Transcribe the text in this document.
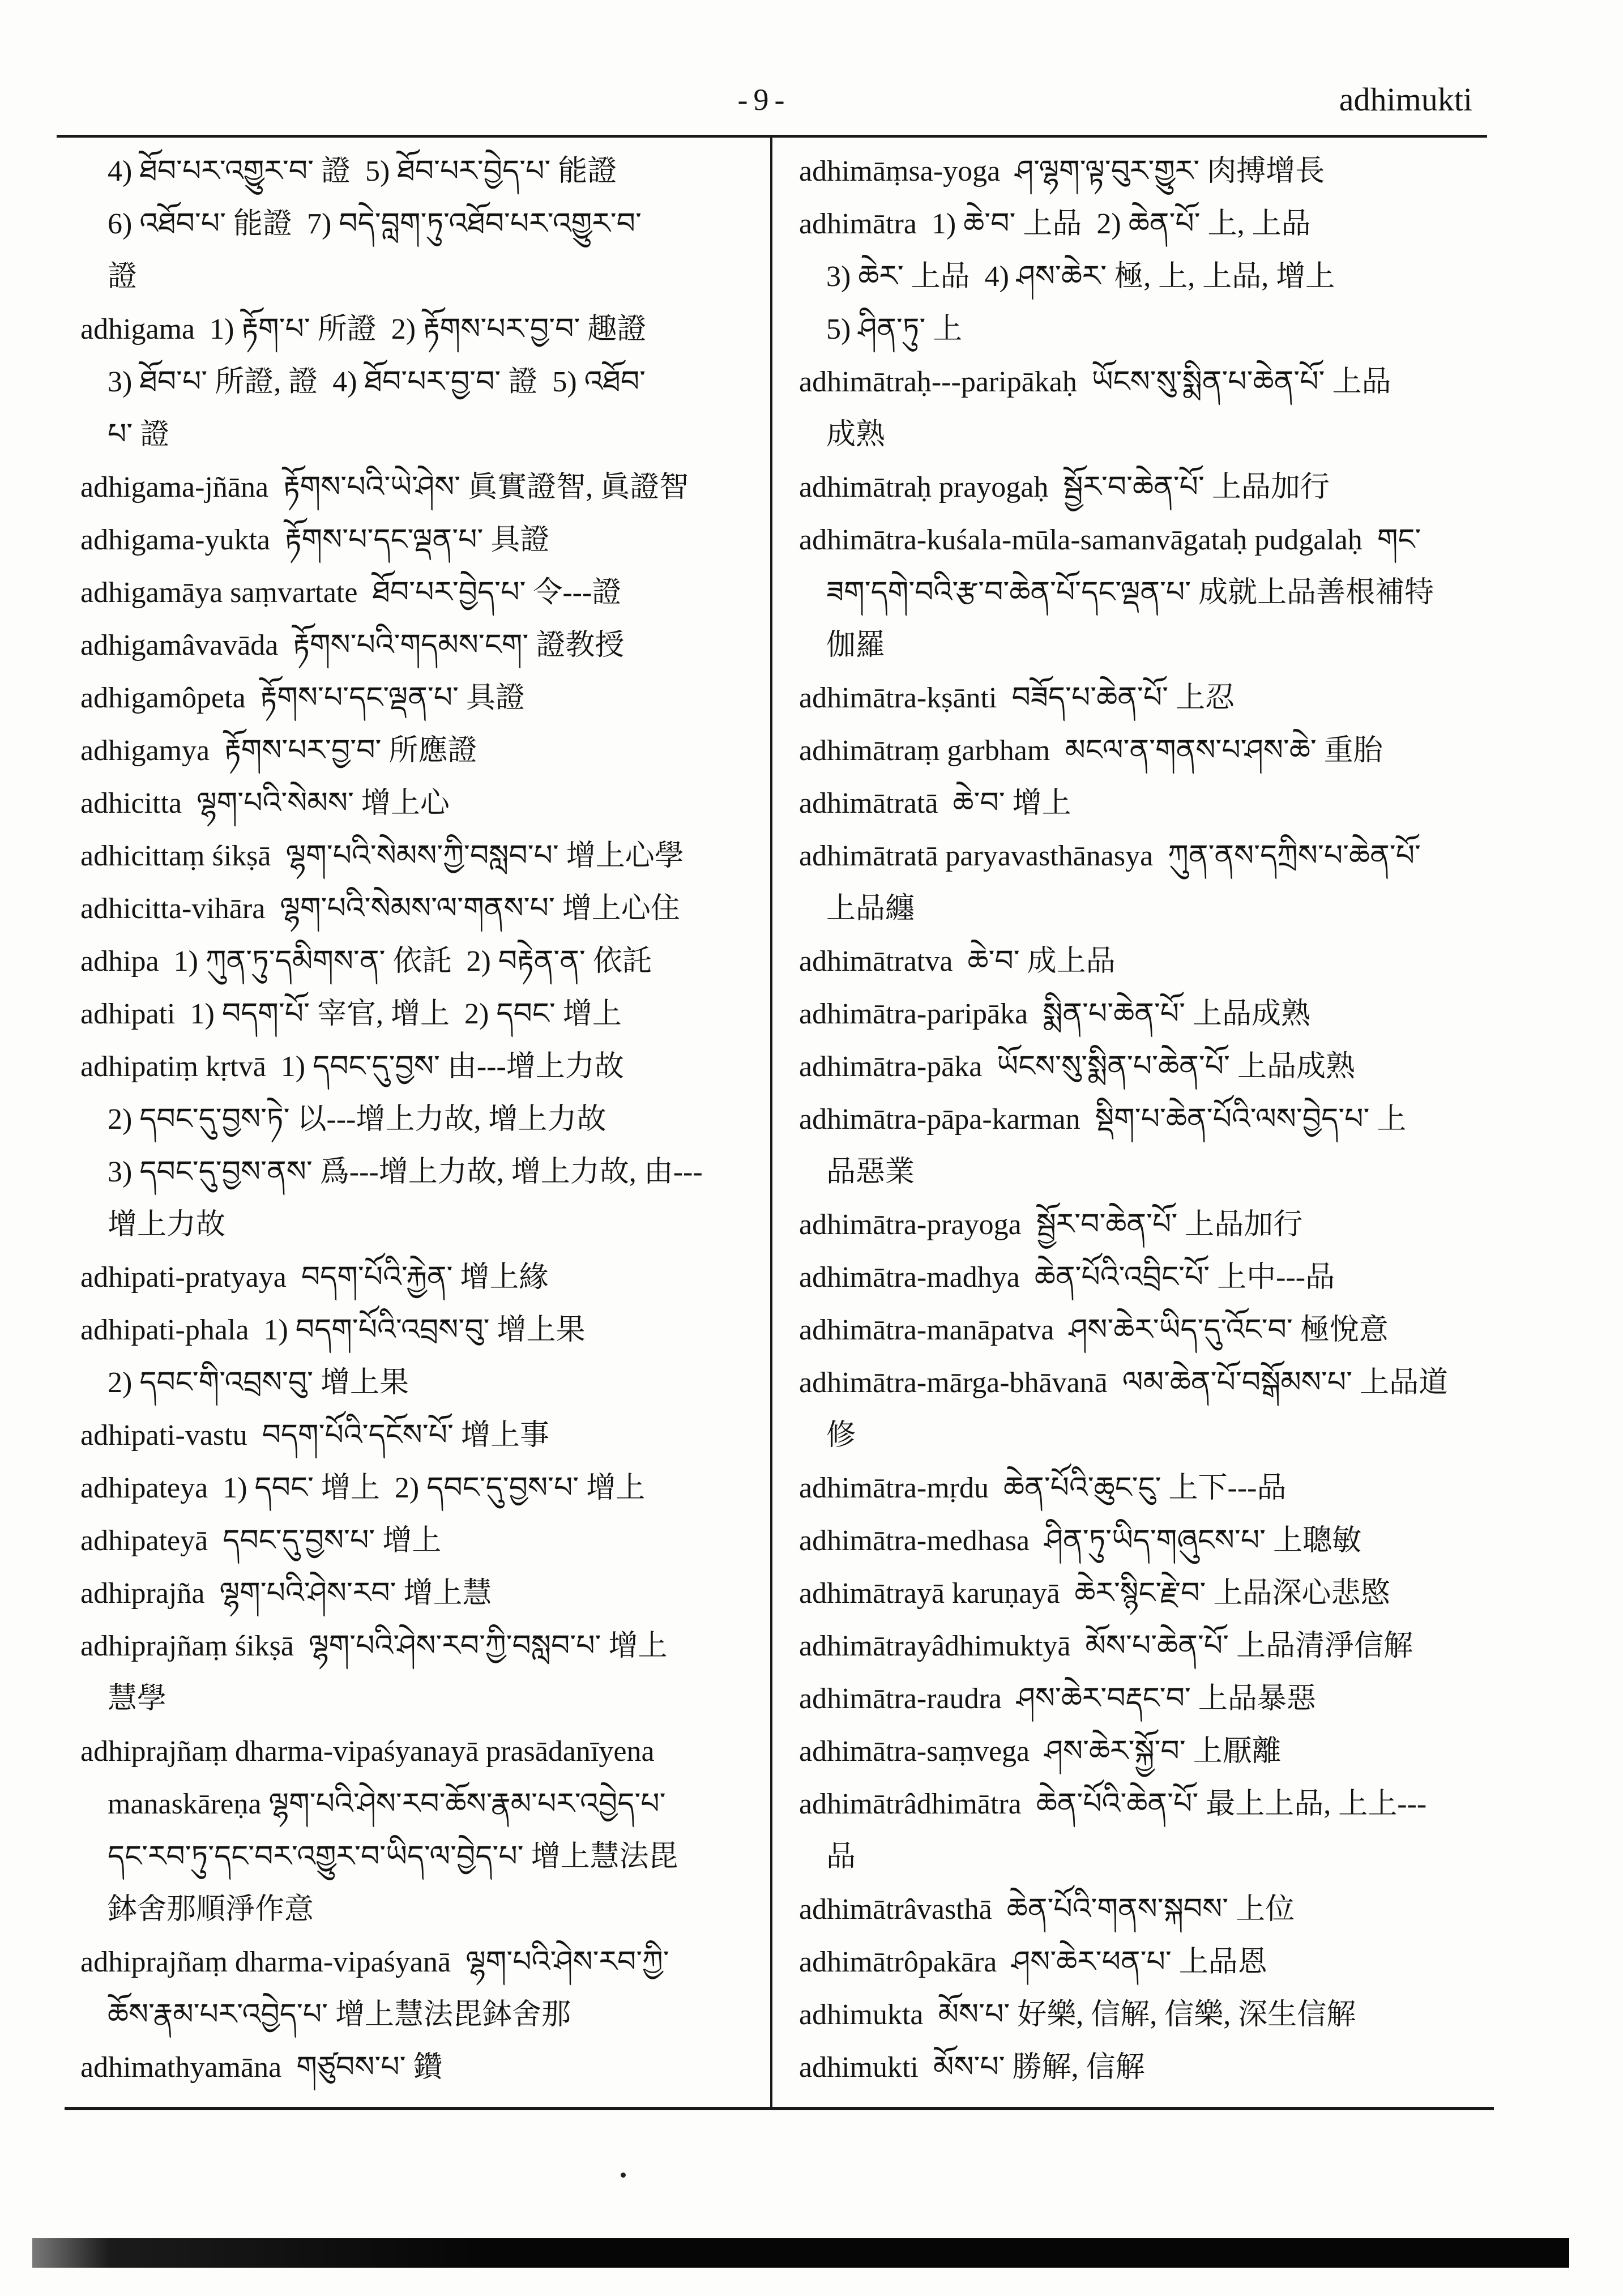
-9-	adhimukti
4) ཐོབ་པར་འགྱུར་བ་ 證  5) ཐོབ་པར་བྱེད་པ་ 能證
6) འཐོབ་པ་ 能證  7) བདེ་བླག་ཏུ་འཐོབ་པར་འགྱུར་བ་
證
adhigama 1) རྟོག་པ་ 所證  2) རྟོགས་པར་བྱ་བ་ 趣證
3) ཐོབ་པ་ 所證, 證  4) ཐོབ་པར་བྱ་བ་ 證  5) འཐོབ་
པ་ 證
adhigama-jñāna རྟོགས་པའི་ཡེ་ཤེས་ 眞實證智, 眞證智
adhigama-yukta རྟོགས་པ་དང་ལྡན་པ་ 具證
adhigamāya saṃvartate ཐོབ་པར་བྱེད་པ་ 令---證
adhigamâvavāda རྟོགས་པའི་གདམས་ངག་ 證教授
adhigamôpeta རྟོགས་པ་དང་ལྡན་པ་ 具證
adhigamya རྟོགས་པར་བྱ་བ་ 所應證
adhicitta ལྷག་པའི་སེམས་ 增上心
adhicittaṃ śikṣā ལྷག་པའི་སེམས་ཀྱི་བསླབ་པ་ 增上心學
adhicitta-vihāra ལྷག་པའི་སེམས་ལ་གནས་པ་ 增上心住
adhipa 1) ཀུན་ཏུ་དམིགས་ན་ 依託  2) བརྟེན་ན་ 依託
adhipati 1) བདག་པོ་ 宰官, 增上  2) དབང་ 增上
adhipatiṃ kṛtvā 1) དབང་དུ་བྱས་ 由---增上力故
2) དབང་དུ་བྱས་ཏེ་ 以---增上力故, 增上力故
3) དབང་དུ་བྱས་ནས་ 爲---增上力故, 增上力故, 由---
增上力故
adhipati-pratyaya བདག་པོའི་རྐྱེན་ 增上緣
adhipati-phala 1) བདག་པོའི་འབྲས་བུ་ 增上果
2) དབང་གི་འབྲས་བུ་ 增上果
adhipati-vastu བདག་པོའི་དངོས་པོ་ 增上事
adhipateya 1) དབང་ 增上  2) དབང་དུ་བྱས་པ་ 增上
adhipateyā དབང་དུ་བྱས་པ་ 增上
adhiprajña ལྷག་པའི་ཤེས་རབ་ 增上慧
adhiprajñaṃ śikṣā ལྷག་པའི་ཤེས་རབ་ཀྱི་བསླབ་པ་ 增上
慧學
adhiprajñaṃ dharma-vipaśyanayā prasādanīyena
manaskāreṇa ལྷག་པའི་ཤེས་རབ་ཆོས་རྣམ་པར་འབྱེད་པ་
དང་རབ་ཏུ་དང་བར་འགྱུར་བ་ཡིད་ལ་བྱེད་པ་ 增上慧法毘
鉢舍那順淨作意
adhiprajñaṃ dharma-vipaśyanā ལྷག་པའི་ཤེས་རབ་ཀྱི་
ཆོས་རྣམ་པར་འབྱེད་པ་ 增上慧法毘鉢舍那
adhimathyamāna གཙུབས་པ་ 鑽
adhimāṃsa-yoga ཤ་ལྷག་ལྟ་བུར་གྱུར་ 肉搏增長
adhimātra 1) ཆེ་བ་ 上品  2) ཆེན་པོ་ 上, 上品
3) ཆེར་ 上品  4) ཤས་ཆེར་ 極, 上, 上品, 增上
5) ཤིན་ཏུ་ 上
adhimātraḥ---paripākaḥ ཡོངས་སུ་སྨིན་པ་ཆེན་པོ་ 上品
成熟
adhimātraḥ prayogaḥ སྦྱོར་བ་ཆེན་པོ་ 上品加行
adhimātra-kuśala-mūla-samanvāgataḥ pudgalaḥ གང་
ཟག་དགེ་བའི་རྩ་བ་ཆེན་པོ་དང་ལྡན་པ་ 成就上品善根補特
伽羅
adhimātra-kṣānti བཟོད་པ་ཆེན་པོ་ 上忍
adhimātraṃ garbham མངལ་ན་གནས་པ་ཤས་ཆེ་ 重胎
adhimātratā ཆེ་བ་ 增上
adhimātratā paryavasthānasya ཀུན་ནས་དཀྲིས་པ་ཆེན་པོ་
上品纏
adhimātratva ཆེ་བ་ 成上品
adhimātra-paripāka སྨིན་པ་ཆེན་པོ་ 上品成熟
adhimātra-pāka ཡོངས་སུ་སྨིན་པ་ཆེན་པོ་ 上品成熟
adhimātra-pāpa-karman སྡིག་པ་ཆེན་པོའི་ལས་བྱེད་པ་ 上
品惡業
adhimātra-prayoga སྦྱོར་བ་ཆེན་པོ་ 上品加行
adhimātra-madhya ཆེན་པོའི་འབྲིང་པོ་ 上中---品
adhimātra-manāpatva ཤས་ཆེར་ཡིད་དུ་འོང་བ་ 極悅意
adhimātra-mārga-bhāvanā ལམ་ཆེན་པོ་བསྒོམས་པ་ 上品道
修
adhimātra-mṛdu ཆེན་པོའི་ཆུང་ངུ་ 上下---品
adhimātra-medhasa ཤིན་ཏུ་ཡིད་གཞུངས་པ་ 上聰敏
adhimātrayā karuṇayā ཆེར་སྙིང་རྗེ་བ་ 上品深心悲愍
adhimātrayâdhimuktyā མོས་པ་ཆེན་པོ་ 上品清淨信解
adhimātra-raudra ཤས་ཆེར་བརྡང་བ་ 上品暴惡
adhimātra-saṃvega ཤས་ཆེར་སྐྱོ་བ་ 上厭離
adhimātrâdhimātra ཆེན་པོའི་ཆེན་པོ་ 最上上品, 上上---
品
adhimātrâvasthā ཆེན་པོའི་གནས་སྐབས་ 上位
adhimātrôpakāra ཤས་ཆེར་ཕན་པ་ 上品恩
adhimukta མོས་པ་ 好樂, 信解, 信樂, 深生信解
adhimukti མོས་པ་ 勝解, 信解
